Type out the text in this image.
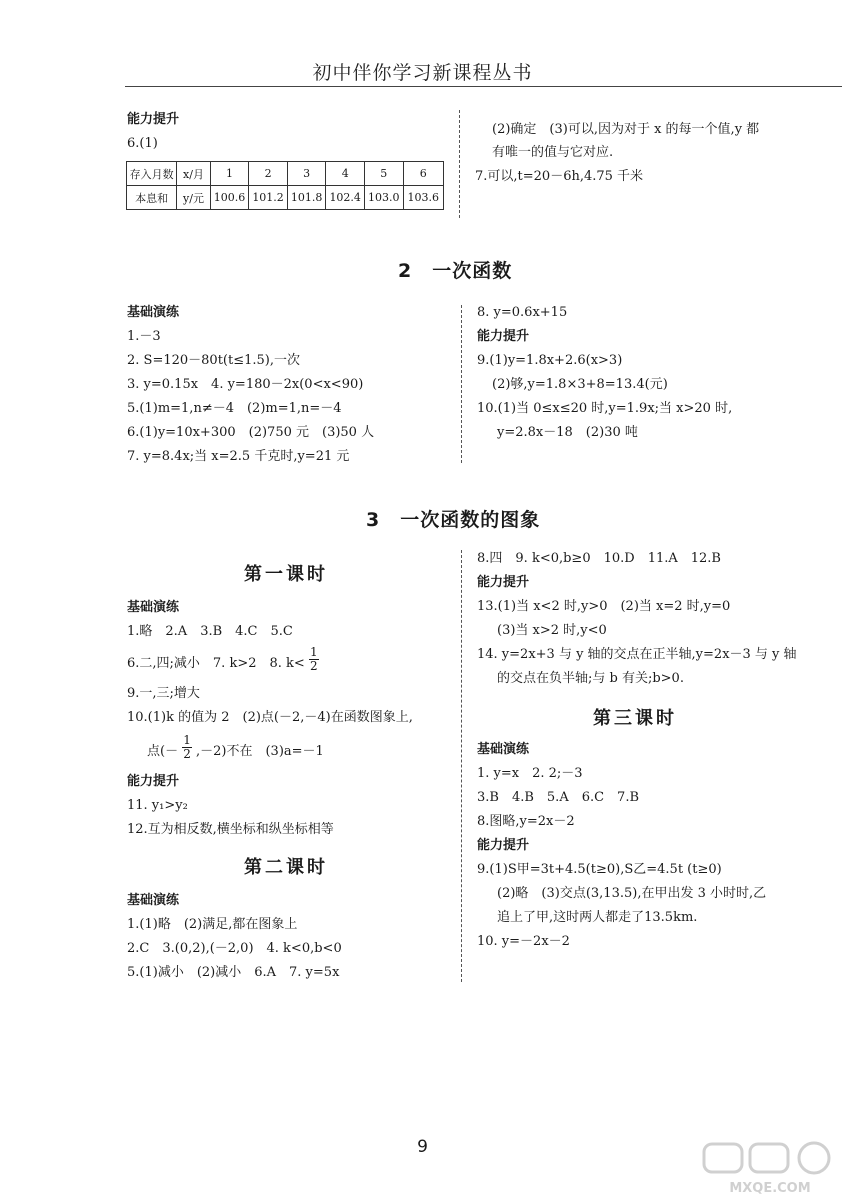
初中伴你学习新课程丛书
能力提升
6.(1)
存入月数	x/月	1	2	3	4	5	6
本息和	y/元	100.6	101.2	101.8	102.4	103.0	103.6
(2)确定　(3)可以,因为对于 x 的每一个值,y 都
有唯一的值与它对应.
7.可以,t=20－6h,4.75 千米
2　一次函数
基础演练
1.－3
2. S=120－80t(t≤1.5),一次
3. y=0.15x　4. y=180－2x(0<x<90)
5.(1)m=1,n≠－4　(2)m=1,n=－4
6.(1)y=10x+300　(2)750 元　(3)50 人
7. y=8.4x;当 x=2.5 千克时,y=21 元
8. y=0.6x+15
能力提升
9.(1)y=1.8x+2.6(x>3)
(2)够,y=1.8×3+8=13.4(元)
10.(1)当 0≤x≤20 时,y=1.9x;当 x>20 时,
y=2.8x－18　(2)30 吨
3　一次函数的图象
第一课时
基础演练
1.略　2.A　3.B　4.C　5.C
6.二,四;减小　7. k>2　8. $k< \frac{1}{2}$
9.一,三;增大
10.(1)k 的值为 2　(2)点(－2,－4)在函数图象上,
点(－ $\frac{1}{2} ,-2$)不在　(3)a=－1
能力提升
11. y₁>y₂
12.互为相反数,横坐标和纵坐标相等
第二课时
基础演练
1.(1)略　(2)满足,都在图象上
2.C　3.(0,2),(－2,0)　4. k<0,b<0
5.(1)减小　(2)减小　6.A　7. y=5x
8.四　9. k<0,b≥0　10.D　11.A　12.B
能力提升
13.(1)当 x<2 时,y>0　(2)当 x=2 时,y=0
(3)当 x>2 时,y<0
14. y=2x+3 与 y 轴的交点在正半轴,y=2x－3 与 y 轴
的交点在负半轴;与 b 有关;b>0.
第三课时
基础演练
1. y=x　2. 2;－3
3.B　4.B　5.A　6.C　7.B
8.图略,y=2x－2
能力提升
9.(1)S甲=3t+4.5(t≥0),S乙=4.5t (t≥0)
(2)略　(3)交点(3,13.5),在甲出发 3 小时时,乙
追上了甲,这时两人都走了13.5km.
10. y=－2x－2
9
MXQE.COM
